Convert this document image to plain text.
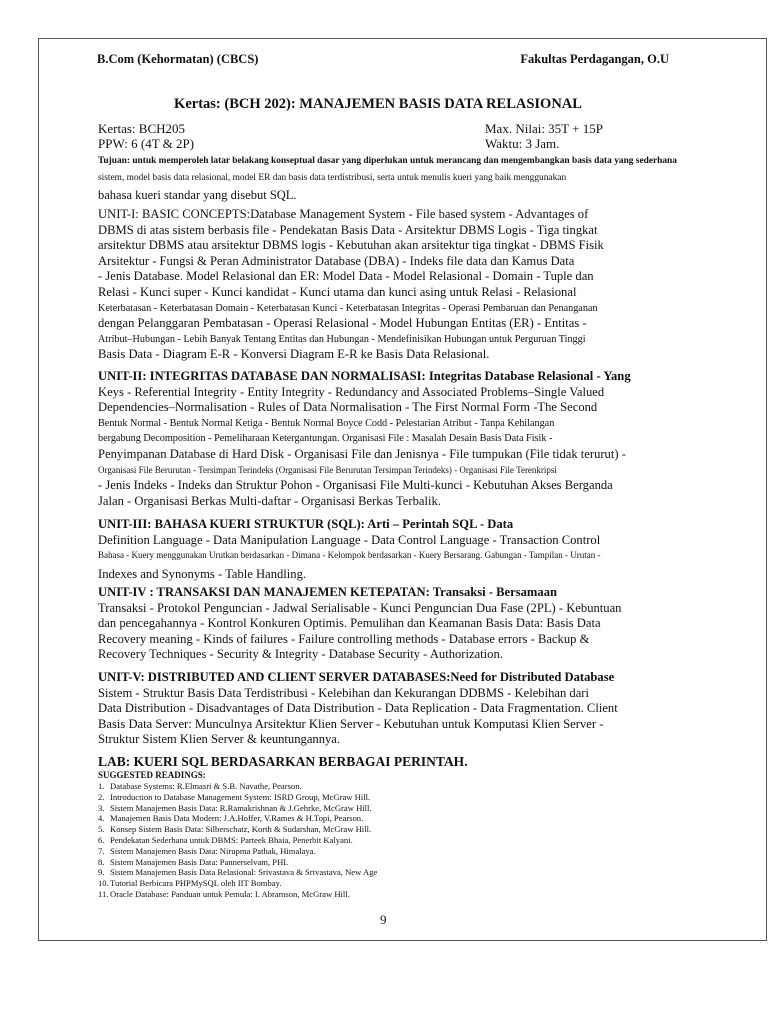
B.Com (Kehormatan) (CBCS)	Fakultas Perdagangan, O.U
Kertas: (BCH 202): MANAJEMEN BASIS DATA RELASIONAL
Kertas: BCH205	Max. Nilai: 35T + 15P
PPW: 6 (4T & 2P)	Waktu: 3 Jam.
Tujuan: untuk memperoleh latar belakang konseptual dasar yang diperlukan untuk merancang dan mengembangkan basis data yang sederhana
sistem, model basis data relasional, model ER dan basis data terdistribusi, serta untuk menulis kueri yang baik menggunakan
bahasa kueri standar yang disebut SQL.
UNIT-I: BASIC CONCEPTS:Database Management System - File based system - Advantages of
DBMS di atas sistem berbasis file - Pendekatan Basis Data - Arsitektur DBMS Logis - Tiga tingkat
arsitektur DBMS atau arsitektur DBMS logis - Kebutuhan akan arsitektur tiga tingkat - DBMS Fisik
Arsitektur - Fungsi & Peran Administrator Database (DBA) - Indeks file data dan Kamus Data
- Jenis Database. Model Relasional dan ER: Model Data - Model Relasional - Domain - Tuple dan
Relasi - Kunci super - Kunci kandidat - Kunci utama dan kunci asing untuk Relasi - Relasional
Keterbatasan - Keterbatasan Domain - Keterbatasan Kunci - Keterbatasan Integritas - Operasi Pembaruan dan Penanganan
dengan Pelanggaran Pembatasan - Operasi Relasional - Model Hubungan Entitas (ER) - Entitas -
Atribut–Hubungan - Lebih Banyak Tentang Entitas dan Hubungan - Mendefinisikan Hubungan untuk Perguruan Tinggi
Basis Data - Diagram E-R - Konversi Diagram E-R ke Basis Data Relasional.
UNIT-II: INTEGRITAS DATABASE DAN NORMALISASI: Integritas Database Relasional - Yang
Keys - Referential Integrity - Entity Integrity - Redundancy and Associated Problems–Single Valued
Dependencies–Normalisation - Rules of Data Normalisation - The First Normal Form -The Second
Bentuk Normal - Bentuk Normal Ketiga - Bentuk Normal Boyce Codd - Pelestarian Atribut - Tanpa Kehilangan
bergabung Decomposition - Pemeliharaan Ketergantungan. Organisasi File : Masalah Desain Basis Data Fisik -
Penyimpanan Database di Hard Disk - Organisasi File dan Jenisnya - File tumpukan (File tidak terurut) -
Organisasi File Berurutan - Tersimpan Terindeks (Organisasi File Berurutan Tersimpan Terindeks) - Organisasi File Terenkripsi
- Jenis Indeks - Indeks dan Struktur Pohon - Organisasi File Multi-kunci - Kebutuhan Akses Berganda
Jalan - Organisasi Berkas Multi-daftar - Organisasi Berkas Terbalik.
UNIT-III: BAHASA KUERI STRUKTUR (SQL): Arti – Perintah SQL - Data
Definition Language - Data Manipulation Language - Data Control Language - Transaction Control
Bahasa - Kuery menggunakan Urutkan berdasarkan - Dimana - Kelompok berdasarkan - Kuery Bersarang. Gabungan - Tampilan - Urutan -
Indexes and Synonyms - Table Handling.
UNIT-IV : TRANSAKSI DAN MANAJEMEN KETEPATAN: Transaksi - Bersamaan
Transaksi - Protokol Penguncian - Jadwal Serialisable - Kunci Penguncian Dua Fase (2PL) - Kebuntuan
dan pencegahannya - Kontrol Konkuren Optimis. Pemulihan dan Keamanan Basis Data: Basis Data
Recovery meaning - Kinds of failures - Failure controlling methods - Database errors - Backup &
Recovery Techniques - Security & Integrity - Database Security - Authorization.
UNIT-V: DISTRIBUTED AND CLIENT SERVER DATABASES:Need for Distributed Database
Sistem - Struktur Basis Data Terdistribusi - Kelebihan dan Kekurangan DDBMS - Kelebihan dari
Data Distribution - Disadvantages of Data Distribution - Data Replication - Data Fragmentation. Client
Basis Data Server: Munculnya Arsitektur Klien Server - Kebutuhan untuk Komputasi Klien Server -
Struktur Sistem Klien Server & keuntungannya.
LAB: KUERI SQL BERDASARKAN BERBAGAI PERINTAH.
SUGGESTED READINGS:
1. Database Systems: R.Elmasri & S.B. Navathe, Pearson.
2. Introduction to Database Management System: ISRD Group, McGraw Hill.
3. Sistem Manajemen Basis Data: R.Ramakrishnan & J.Gehrke, McGraw Hill.
4. Manajemen Basis Data Modern: J.A.Hoffer, V.Rames & H.Topi, Pearson.
5. Konsep Sistem Basis Data: Silberschatz, Korth & Sudarshan, McGraw Hill.
6. Pendekatan Sederhana untuk DBMS: Parteek Bhaia, Penerbit Kalyani.
7. Sistem Manajemen Basis Data: Nirupma Pathak, Himalaya.
8. Sistem Manajemen Basis Data: Pannerselvam, PHI.
9. Sistem Manajemen Basis Data Relasional: Srivastava & Srivastava, New Age
10.Tutorial Berbicara PHPMySQL oleh IIT Bombay.
11. Oracle Database: Panduan untuk Pemula: I. Abramson, McGraw Hill.
9
